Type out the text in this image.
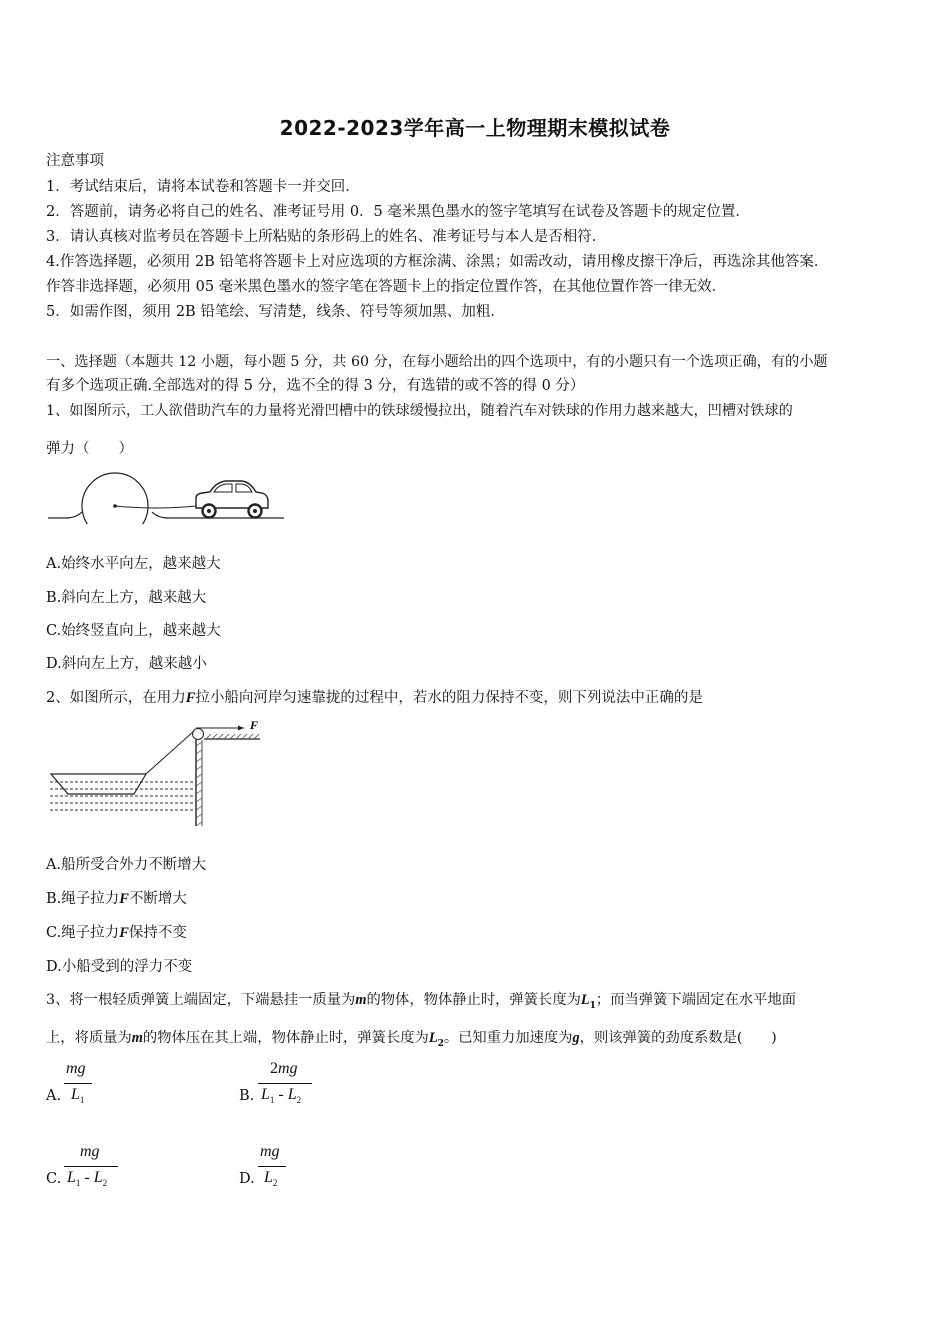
2022-2023学年高一上物理期末模拟试卷
注意事项
1．考试结束后，请将本试卷和答题卡一并交回．
2．答题前，请务必将自己的姓名、准考证号用 0．5 毫米黑色墨水的签字笔填写在试卷及答题卡的规定位置．
3．请认真核对监考员在答题卡上所粘贴的条形码上的姓名、准考证号与本人是否相符．
4.作答选择题，必须用 2B 铅笔将答题卡上对应选项的方框涂满、涂黑；如需改动，请用橡皮擦干净后，再选涂其他答案．
作答非选择题，必须用 05 毫米黑色墨水的签字笔在答题卡上的指定位置作答，在其他位置作答一律无效．
5．如需作图，须用 2B 铅笔绘、写清楚，线条、符号等须加黑、加粗．
一、选择题（本题共 12 小题，每小题 5 分，共 60 分，在每小题给出的四个选项中，有的小题只有一个选项正确，有的小题
有多个选项正确.全部选对的得 5 分，选不全的得 3 分，有选错的或不答的得 0 分）
1、如图所示，工人欲借助汽车的力量将光滑凹槽中的铁球缓慢拉出，随着汽车对铁球的作用力越来越大，凹槽对铁球的
弹力（　　）
A.始终水平向左，越来越大
B.斜向左上方，越来越大
C.始终竖直向上，越来越大
D.斜向左上方，越来越小
2、如图所示，在用力F拉小船向河岸匀速靠拢的过程中，若水的阻力保持不变，则下列说法中正确的是
F
A.船所受合外力不断增大
B.绳子拉力F不断增大
C.绳子拉力F保持不变
D.小船受到的浮力不变
3、将一根轻质弹簧上端固定，下端悬挂一质量为m的物体，物体静止时，弹簧长度为$L_1$；而当弹簧下端固定在水平地面
上，将质量为m的物体压在其上端，物体静止时，弹簧长度为$L_2$。已知重力加速度为g，则该弹簧的劲度系数是(　　)
A.
mg
$L_1$	B.
2mg
$L_1 - L_2$
C.
mg
$L_1 - L_2$	D.
mg
$L_2$
